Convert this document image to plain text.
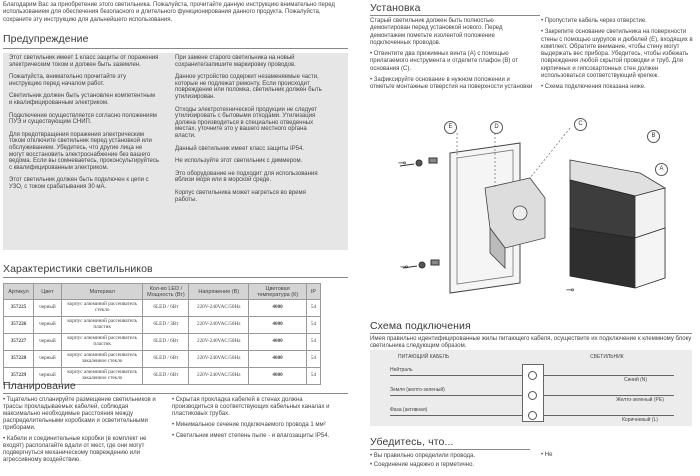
Благодарим Вас за приобретение этого светильника. Пожалуйста, прочитайте данную инструкцию внимательно перед использованием для обеспечения безопасного и длительного функционирования данного продукта. Пожалуйста, сохраните эту инструкцию для дальнейшего использования.
Предупреждение

Этот светильник имеет 1 класс защиты от поражения электрическим током и должен быть заземлен.

Пожалуйста, внимательно прочитайте эту инструкцию перед началом работ.

Светильник должен быть установлен компетентным и квалифицированным электриком.

Подключение осуществляется согласно положениям ПУЭ и существующим СНИП.

Для предотвращения поражения электрическим током отключите светильник перед установкой или обслуживанием. Убедитесь, что другие лица не могут восстановить электроснабжение без вашего ведома. Если вы сомневаетесь, проконсультируйтесь с квалифицированным электриком.

Этот светильник должен быть подключен к цепи с УЗО, с током срабатывания 30 мА.

При замене старого светильника на новый сохраните/запишите маркировку проводов.

Данное устройство содержит незаменяемые части, которые не подлежат ремонту. Если происходит повреждение или поломка, светильник должен быть утилизирован.

Отходы электротехнической продукции не следует утилизировать с бытовыми отходами. Утилизация должна производиться в специально отведенных местах, уточните это у вашего местного органа власти.

Данный светильник имеет класс защиты IP54.

Не используйте этот светильник с диммером.

Это оборудование не подходит для использования вблизи моря или в морской среде.

Корпус светильника может нагреться во время работы.

Характеристики светильников
Артикул	Цвет	Материал	Кол-во LED / Мощность (Вт)	Напряжение (В)	Цветовая температура (К)	IP
357225	черный	корпус алюминий рассеиватель стекло	6LED / 6Вт	220V-240VAC/50Hz	4000	54
357226	черный	корпус алюминий рассеиватель пластик	6LED / 3Вт	220V-240VAC/50Hz	4000	54
357227	черный	корпус алюминий рассеиватель пластик	6LED / 6Вт	220V-240VAC/50Hz	4000	54
357228	черный	корпус алюминий рассеиватель закаленное стекло	6LED / 6Вт	220V-240VAC/50Hz	4000	54
357229	черный	корпус алюминий рассеиватель закаленное стекло	6LED / 6Вт	220V-240VAC/50Hz	4000	54
Планирование

• Тщательно спланируйте размещение светильников и трассы прокладываемых кабелей, соблюдая максимально необходимые расстояния между распределительными коробками и осветительными приборами.

• Кабели и соединительные коробки (в комплект не входят) располагайте вдали от мест, где они могут подвергнуться механическому повреждению или агрессивному воздействию.

• Скрытая прокладка кабелей в стенах должна производиться в соответствующих кабельных каналах и пластиковых трубах.

• Минимальное сечение подключаемого провода 1 мм²

• Светильник имеет степень пыле - и влагозащиты IP54.

Установка

Старый светильник должен быть полностью демонтирован перед установкой нового. Перед демонтажем пометьте изолентой положение подключенных проводов.

• Отвинтите два прижимных винта (А) с помощью прилагаемого инструмента и отделите плафон (В) от основания (С).

• Зафиксируйте основание в нужном положении и отметьте монтажные отверстия на поверхности установки

• Пропустите кабель через отверстие.

• Закрепите основание светильника на поверхности стены с помощью шурупов и дюбелей (Е), входящих в комплект. Обратите внимание, чтобы стену могут выдержать вес прибора. Убедитесь, чтобы избежать повреждения любой скрытой проводки и труб. Для кирпичных и гипсокартонных стен должен использоваться соответствующий крепеж.

• Схема подключения показана ниже.

E	D	C
B
A
⊸
⊸
⊸
Схема подключения
Имея правильно идентифицированные жилы питающего кабеля, осуществите их подключение к клеммному блоку светильника следующим образом.
ПИТАЮЩИЙ КАБЕЛЬ	СВЕТИЛЬНИК
Нейтраль
Синий (N)
Земля (желто-зеленый)
Желто-зеленый (PE)
Фаза (активная)
Коричневый (L)
Убедитесь, что...
• Вы правильно определили провода.
• Соединение надежно и герметично.
• Не
